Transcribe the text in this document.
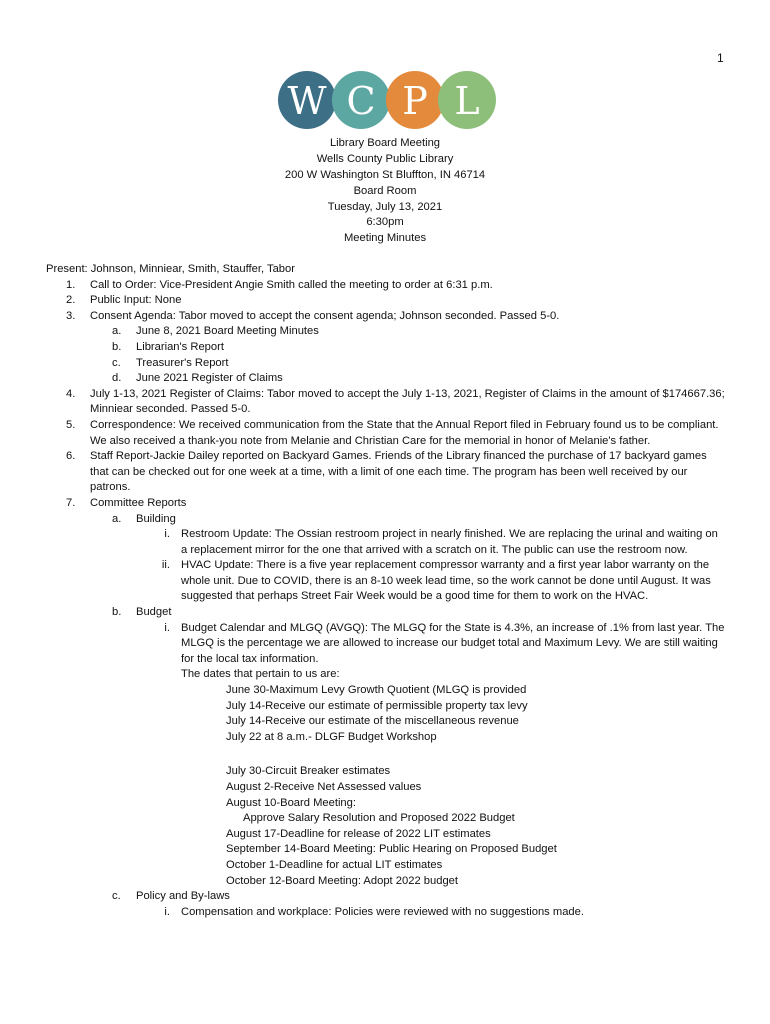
1
W C P L
Library Board Meeting
Wells County Public Library
200 W Washington St Bluffton, IN 46714
Board Room
Tuesday, July 13, 2021
6:30pm
Meeting Minutes
Present: Johnson, Minniear, Smith, Stauffer, Tabor
1. Call to Order: Vice-President Angie Smith called the meeting to order at 6:31 p.m.
2. Public Input: None
3. Consent Agenda: Tabor moved to accept the consent agenda; Johnson seconded. Passed 5-0.
a. June 8, 2021 Board Meeting Minutes
b. Librarian's Report
c. Treasurer's Report
d. June 2021 Register of Claims
4. July 1-13, 2021 Register of Claims: Tabor moved to accept the July 1-13, 2021, Register of Claims in the amount of $174667.36; Minniear seconded. Passed 5-0.
5. Correspondence: We received communication from the State that the Annual Report filed in February found us to be compliant. We also received a thank-you note from Melanie and Christian Care for the memorial in honor of Melanie's father.
6. Staff Report-Jackie Dailey reported on Backyard Games. Friends of the Library financed the purchase of 17 backyard games that can be checked out for one week at a time, with a limit of one each time. The program has been well received by our patrons.
7. Committee Reports
a. Building
i. Restroom Update: The Ossian restroom project in nearly finished. We are replacing the urinal and waiting on a replacement mirror for the one that arrived with a scratch on it. The public can use the restroom now.
ii. HVAC Update: There is a five year replacement compressor warranty and a first year labor warranty on the whole unit. Due to COVID, there is an 8-10 week lead time, so the work cannot be done until August. It was suggested that perhaps Street Fair Week would be a good time for them to work on the HVAC.
b. Budget
i. Budget Calendar and MLGQ (AVGQ): The MLGQ for the State is 4.3%, an increase of .1% from last year. The MLGQ is the percentage we are allowed to increase our budget total and Maximum Levy. We are still waiting for the local tax information.
The dates that pertain to us are:
June 30-Maximum Levy Growth Quotient (MLGQ is provided
July 14-Receive our estimate of permissible property tax levy
July 14-Receive our estimate of the miscellaneous revenue
July 22 at 8 a.m.- DLGF Budget Workshop
July 30-Circuit Breaker estimates
August 2-Receive Net Assessed values
August 10-Board Meeting:
Approve Salary Resolution and Proposed 2022 Budget
August 17-Deadline for release of 2022 LIT estimates
September 14-Board Meeting: Public Hearing on Proposed Budget
October 1-Deadline for actual LIT estimates
October 12-Board Meeting: Adopt 2022 budget
c. Policy and By-laws
i. Compensation and workplace: Policies were reviewed with no suggestions made.
